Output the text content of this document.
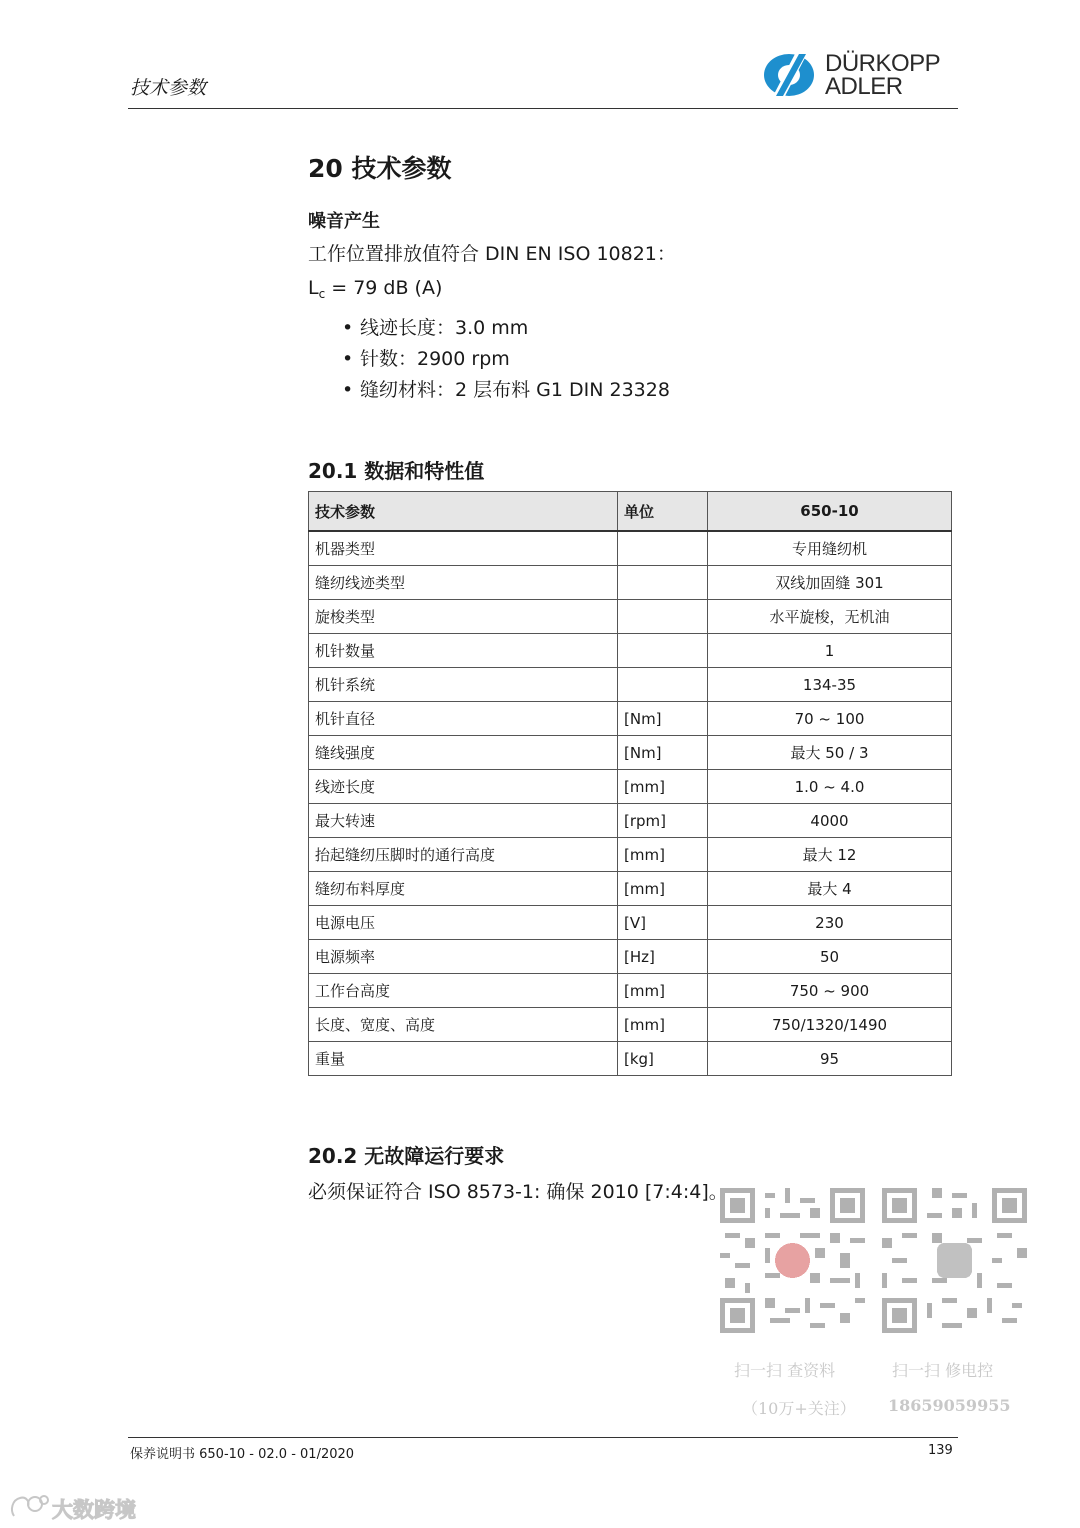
技术参数
DÜRKOPP
ADLER
20 技术参数
噪音产生
工作位置排放值符合 DIN EN ISO 10821：
$L_c = 79$ dB (A)
• 线迹长度：3.0 mm
• 针数：2900 rpm
• 缝纫材料：2 层布料 G1 DIN 23328
20.1 数据和特性值
技术参数	单位	650-10
机器类型		专用缝纫机
缝纫线迹类型		双线加固缝 301
旋梭类型		水平旋梭，无机油
机针数量		1
机针系统		134-35
机针直径	[Nm]	70 ~ 100
缝线强度	[Nm]	最大 50 / 3
线迹长度	[mm]	1.0 ~ 4.0
最大转速	[rpm]	4000
抬起缝纫压脚时的通行高度	[mm]	最大 12
缝纫布料厚度	[mm]	最大 4
电源电压	[V]	230
电源频率	[Hz]	50
工作台高度	[mm]	750 ~ 900
长度、宽度、高度	[mm]	750/1320/1490
重量	[kg]	95
20.2 无故障运行要求
必须保证符合 ISO 8573-1: 确保 2010 [7:4:4]。
扫一扫 查资料
（10万+关注）
扫一扫 修电控
18659059955
保养说明书 650-10 - 02.0 - 01/2020	139
大数跨境
